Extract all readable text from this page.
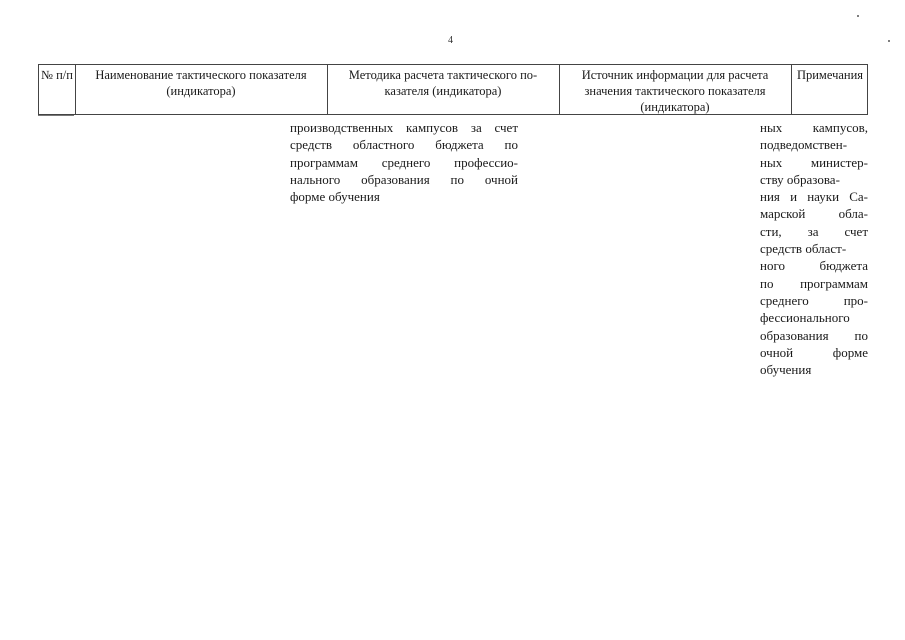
4
№ п/п	Наименование тактического показателя (индикатора)
Методика расчета тактического по-казателя (индикатора)
Источник информации для расчета значения тактического показателя (индикатора)
Примечания
производственных кампусов за счет
средств областного бюджета по
программам среднего профессио-
нального образования по очной
форме обучения
ных кампусов,
подведомствен-
ных министер-
ству образова-
ния и науки Са-
марской обла-
сти, за счет
средств област-
ного бюджета
по программам
среднего про-
фессионального
образования по
очной форме
обучения
